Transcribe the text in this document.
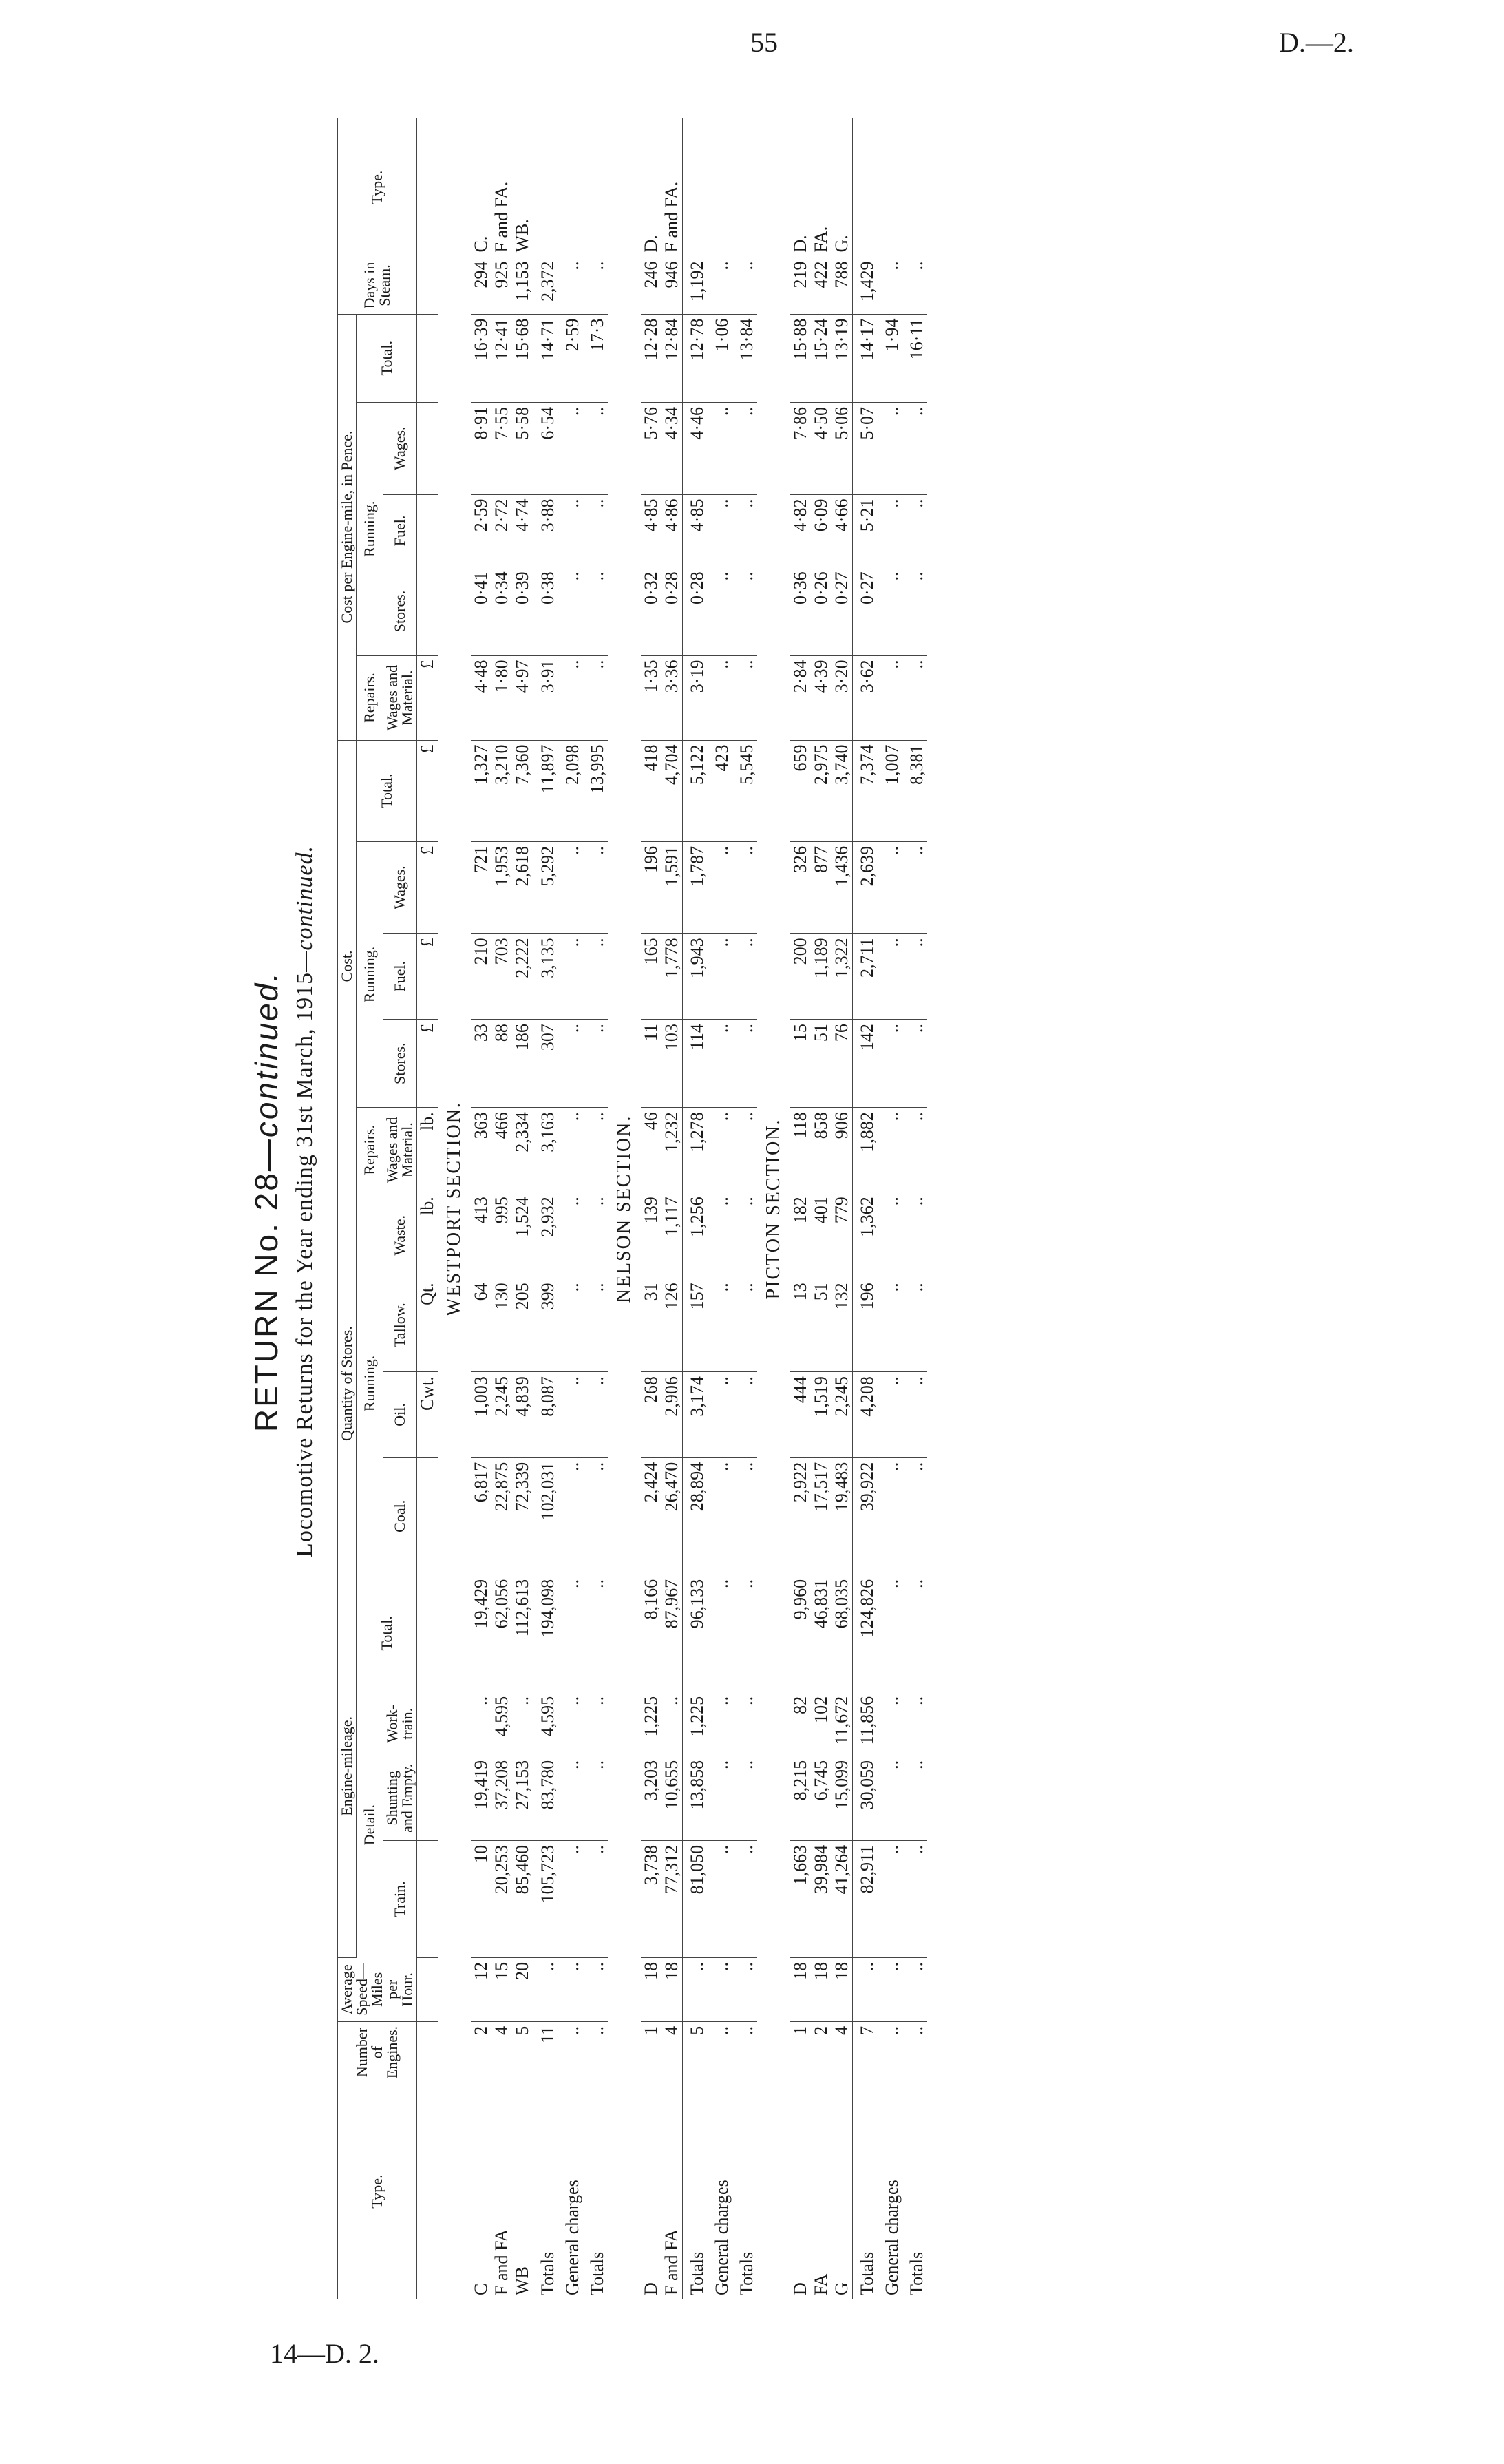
55	D.—2.
14—D. 2.
RETURN No. 28—continued. Locomotive Returns for the Year ending 31st March, 1915—continued.
Type.	Number of Engines.	Average Speed—Miles per Hour.	Engine-mileage.				Quantity of Stores.				Cost.					Cost per Engine-mile, in Pence.					Days in Steam.	Type.	
			Detail.			Total.	Running.				Repairs.	Running.			Total.	Repairs.	Running.			Total.			
			Train.	Shunting and Empty.	Work-train.		Coal.	Oil.	Tallow.	Waste.	Wages and Material.	Stores.	Fuel.	Wages.		Wages and Material.	Stores.	Fuel.	Wages.				
								Cwt.	Qt.	lb.	lb.	£	£	£	£	£							
WESTPORT SECTION.																							
C	2	12	10	19,419	..	19,429	6,817	1,003	64	413	363	33	210	721	1,327	4·48	0·41	2·59	8·91	16·39	294	C.	
F and FA	4	15	20,253	37,208	4,595	62,056	22,875	2,245	130	995	466	88	703	1,953	3,210	1·80	0·34	2·72	7·55	12·41	925	F and FA.	
WB	5	20	85,460	27,153	..	112,613	72,339	4,839	205	1,524	2,334	186	2,222	2,618	7,360	4·97	0·39	4·74	5·58	15·68	1,153	WB.	
Totals	11	..	105,723	83,780	4,595	194,098	102,031	8,087	399	2,932	3,163	307	3,135	5,292	11,897	3·91	0·38	3·88	6·54	14·71	2,372		
General charges	..	..	..	..	..	..	..	..	..	..	..	..	..	..	2,098	..	..	..	..	2·59	..		
Totals	..	..	..	..	..	..	..	..	..	..	..	..	..	..	13,995	..	..	..	..	17·3	..		
NELSON SECTION.																							
D	1	18	3,738	3,203	1,225	8,166	2,424	268	31	139	46	11	165	196	418	1·35	0·32	4·85	5·76	12·28	246	D.	
F and FA	4	18	77,312	10,655	..	87,967	26,470	2,906	126	1,117	1,232	103	1,778	1,591	4,704	3·36	0·28	4·86	4·34	12·84	946	F and FA.	
Totals	5	..	81,050	13,858	1,225	96,133	28,894	3,174	157	1,256	1,278	114	1,943	1,787	5,122	3·19	0·28	4·85	4·46	12·78	1,192		
General charges	..	..	..	..	..	..	..	..	..	..	..	..	..	..	423	..	..	..	..	1·06	..		
Totals	..	..	..	..	..	..	..	..	..	..	..	..	..	..	5,545	..	..	..	..	13·84	..		
PICTON SECTION.																							
D	1	18	1,663	8,215	82	9,960	2,922	444	13	182	118	15	200	326	659	2·84	0·36	4·82	7·86	15·88	219	D.	
FA	2	18	39,984	6,745	102	46,831	17,517	1,519	51	401	858	51	1,189	877	2,975	4·39	0·26	6·09	4·50	15·24	422	FA.	
G	4	18	41,264	15,099	11,672	68,035	19,483	2,245	132	779	906	76	1,322	1,436	3,740	3·20	0·27	4·66	5·06	13·19	788	G.	
Totals	7	..	82,911	30,059	11,856	124,826	39,922	4,208	196	1,362	1,882	142	2,711	2,639	7,374	3·62	0·27	5·21	5·07	14·17	1,429		
General charges	..	..	..	..	..	..	..	..	..	..	..	..	..	..	1,007	..	..	..	..	1·94	..		
Totals	..	..	..	..	..	..	..	..	..	..	..	..	..	..	8,381	..	..	..	..	16·11	..		
